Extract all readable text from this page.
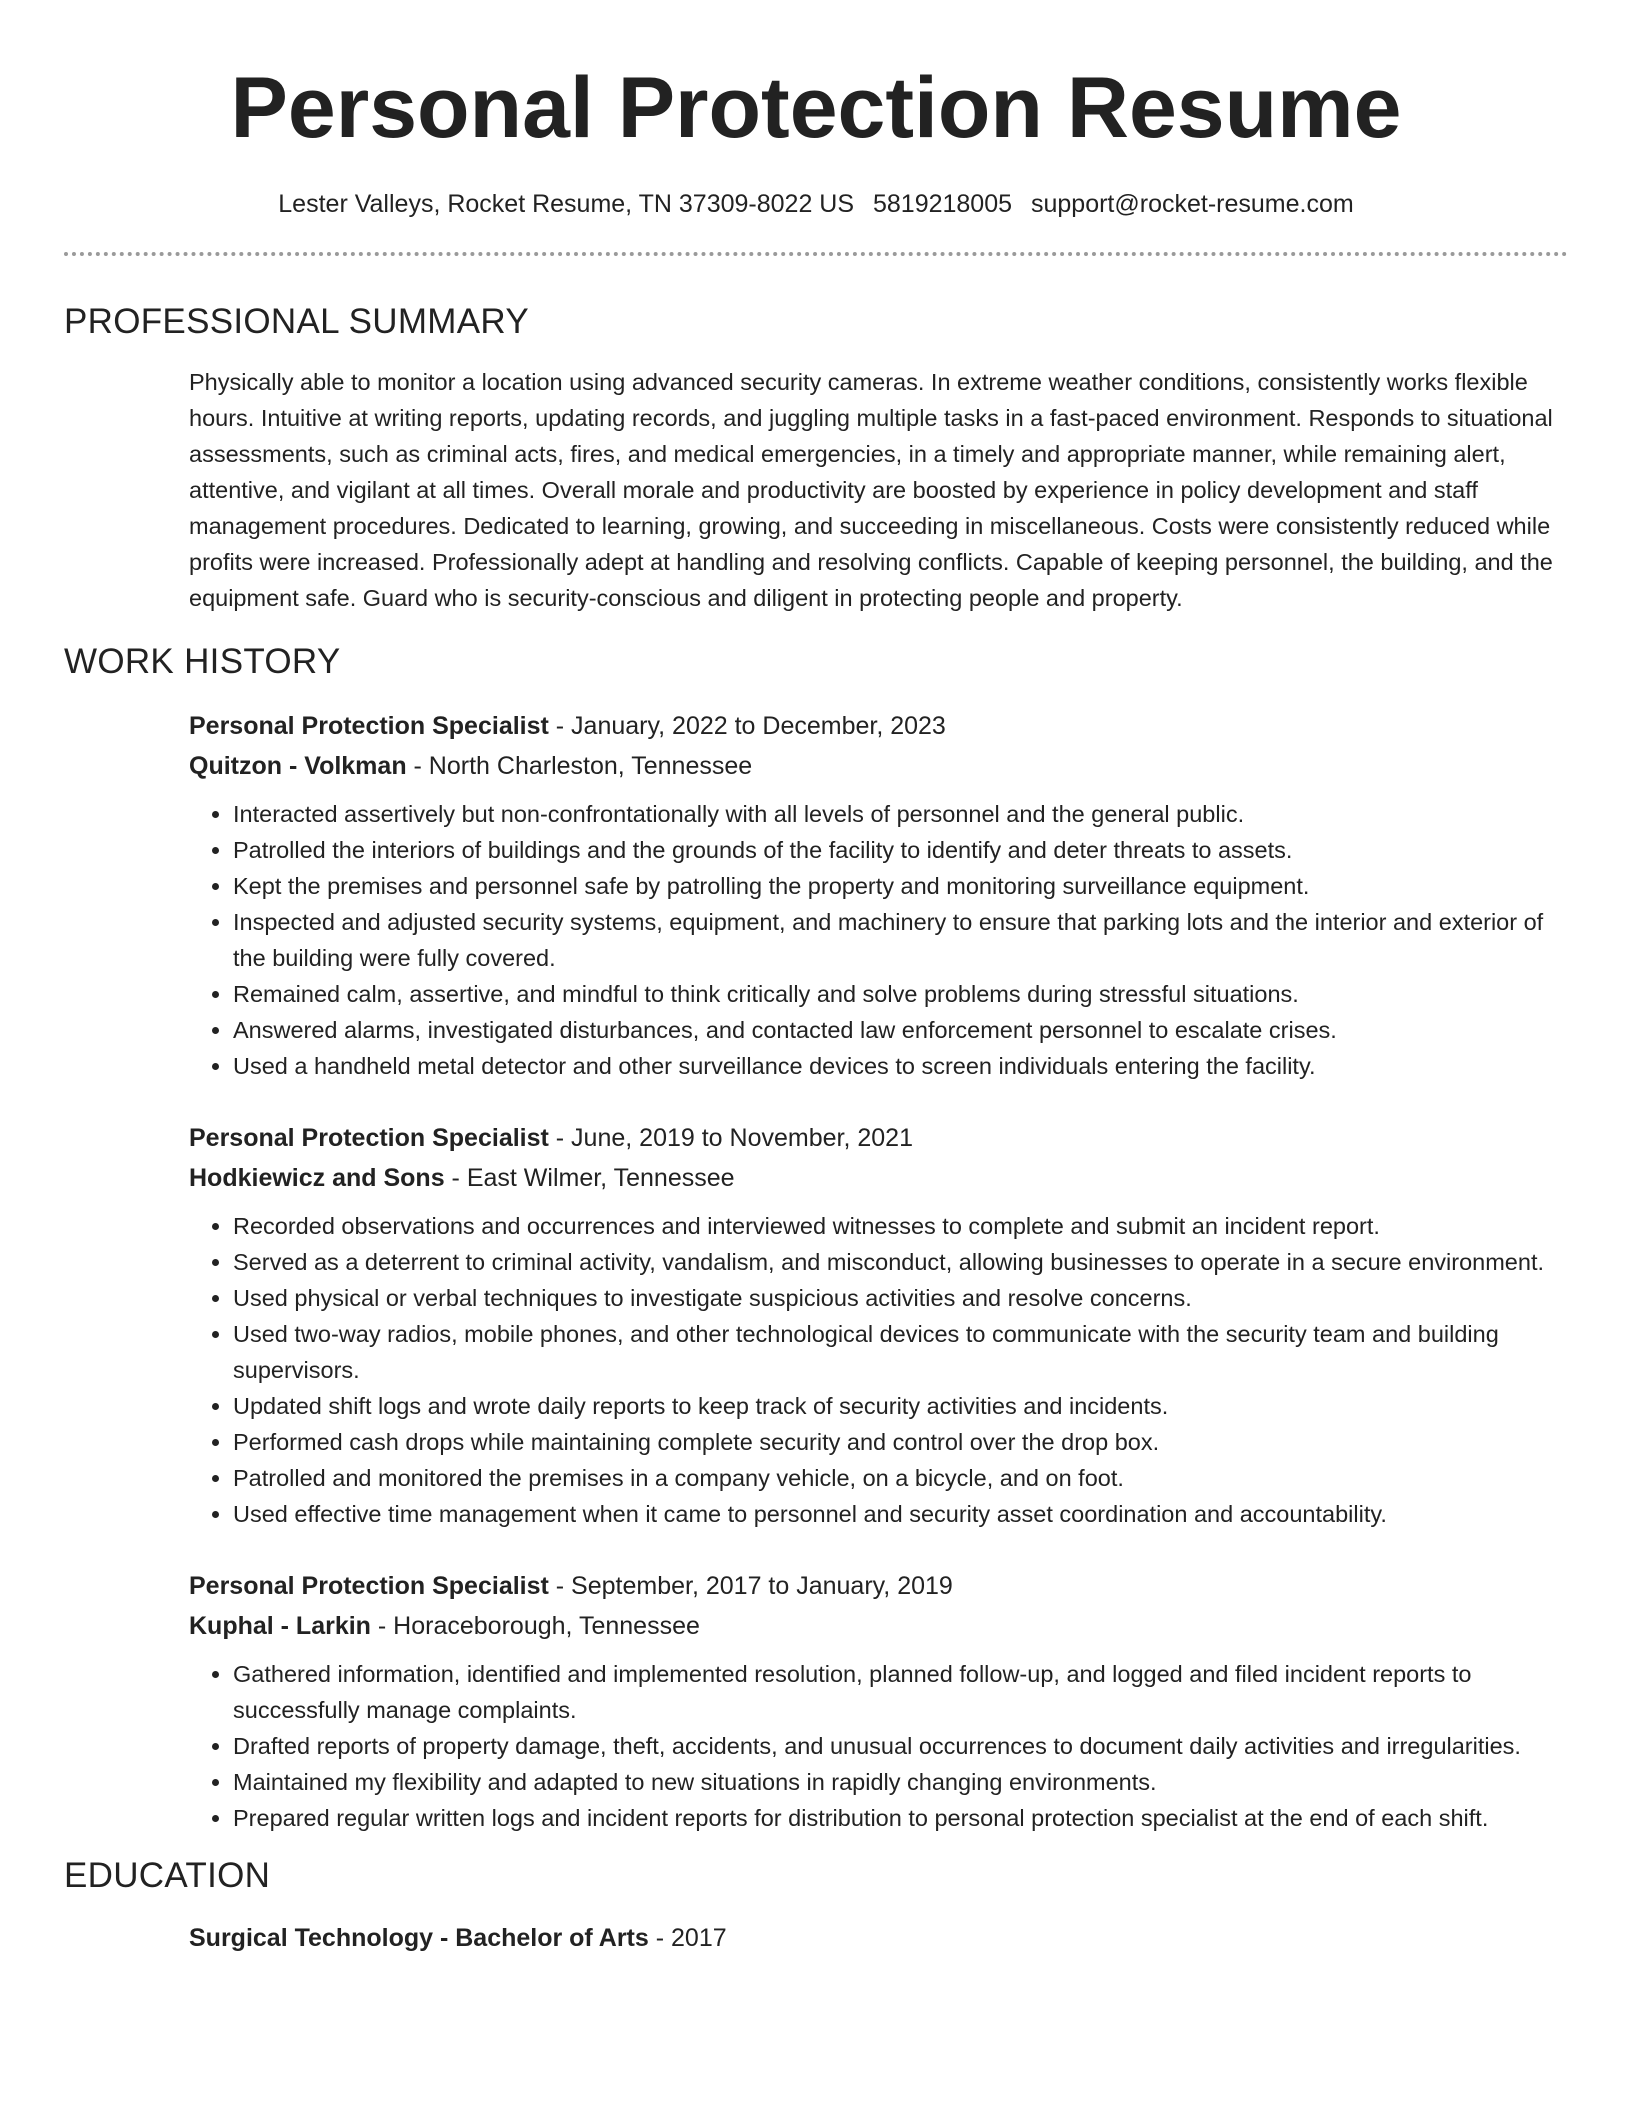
Personal Protection Resume
Lester Valleys, Rocket Resume, TN 37309-8022 US 5819218005 support@rocket-resume.com
PROFESSIONAL SUMMARY

Physically able to monitor a location using advanced security cameras. In extreme weather conditions, consistently works flexible hours. Intuitive at writing reports, updating records, and juggling multiple tasks in a fast-paced environment. Responds to situational assessments, such as criminal acts, fires, and medical emergencies, in a timely and appropriate manner, while remaining alert, attentive, and vigilant at all times. Overall morale and productivity are boosted by experience in policy development and staff management procedures. Dedicated to learning, growing, and succeeding in miscellaneous. Costs were consistently reduced while profits were increased. Professionally adept at handling and resolving conflicts. Capable of keeping personnel, the building, and the equipment safe. Guard who is security-conscious and diligent in protecting people and property.

WORK HISTORY
Personal Protection Specialist - January, 2022 to December, 2023
Quitzon - Volkman - North Charleston, Tennessee
• Interacted assertively but non-confrontationally with all levels of personnel and the general public.
• Patrolled the interiors of buildings and the grounds of the facility to identify and deter threats to assets.
• Kept the premises and personnel safe by patrolling the property and monitoring surveillance equipment.
• Inspected and adjusted security systems, equipment, and machinery to ensure that parking lots and the interior and exterior of the building were fully covered.
• Remained calm, assertive, and mindful to think critically and solve problems during stressful situations.
• Answered alarms, investigated disturbances, and contacted law enforcement personnel to escalate crises.
• Used a handheld metal detector and other surveillance devices to screen individuals entering the facility.
Personal Protection Specialist - June, 2019 to November, 2021
Hodkiewicz and Sons - East Wilmer, Tennessee
• Recorded observations and occurrences and interviewed witnesses to complete and submit an incident report.
• Served as a deterrent to criminal activity, vandalism, and misconduct, allowing businesses to operate in a secure environment.
• Used physical or verbal techniques to investigate suspicious activities and resolve concerns.
• Used two-way radios, mobile phones, and other technological devices to communicate with the security team and building supervisors.
• Updated shift logs and wrote daily reports to keep track of security activities and incidents.
• Performed cash drops while maintaining complete security and control over the drop box.
• Patrolled and monitored the premises in a company vehicle, on a bicycle, and on foot.
• Used effective time management when it came to personnel and security asset coordination and accountability.
Personal Protection Specialist - September, 2017 to January, 2019
Kuphal - Larkin - Horaceborough, Tennessee
• Gathered information, identified and implemented resolution, planned follow-up, and logged and filed incident reports to successfully manage complaints.
• Drafted reports of property damage, theft, accidents, and unusual occurrences to document daily activities and irregularities.
• Maintained my flexibility and adapted to new situations in rapidly changing environments.
• Prepared regular written logs and incident reports for distribution to personal protection specialist at the end of each shift.
EDUCATION
Surgical Technology - Bachelor of Arts - 2017
